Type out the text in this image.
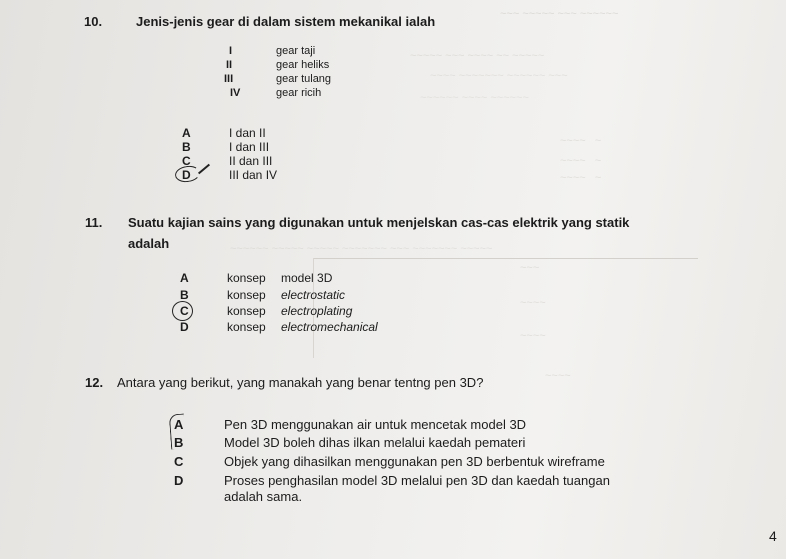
~~~ ~~~~~ ~~~ ~~~~~~
~~~~~ ~~~ ~~~~ ~~ ~~~~~
~~~~ ~~~~~~~ ~~~~~~ ~~~
~~~~~~ ~~~~ ~~~~~~
~~~~   ~
~~~~   ~
~~~~   ~
~~~~~~ ~~~~~ ~~~~~ ~~~~~~~ ~~~ ~~~~~~~ ~~~~~
~~~
~~~~
~~~~
~~~~
10.	Jenis-jenis gear di dalam sistem mekanikal ialah
I	gear taji
II	gear heliks
III	gear tulang
IV	gear ricih
A	I dan II
B	I dan III
C	II dan III
D	III dan IV
11. Suatu kajian sains yang digunakan untuk menjelskan cas-cas elektrik yang statik
adalah
A	konsep model 3D
B	konsep electrostatic
C	konsep electroplating
D	konsep electromechanical
12. Antara yang berikut, yang manakah yang benar tentng pen 3D?
A	Pen 3D menggunakan air untuk mencetak model 3D
B	Model 3D boleh dihas ilkan melalui kaedah pemateri
C	Objek yang dihasilkan menggunakan pen 3D berbentuk wireframe
D	Proses penghasilan model 3D melalui pen 3D dan kaedah tuangan
adalah sama.
4
